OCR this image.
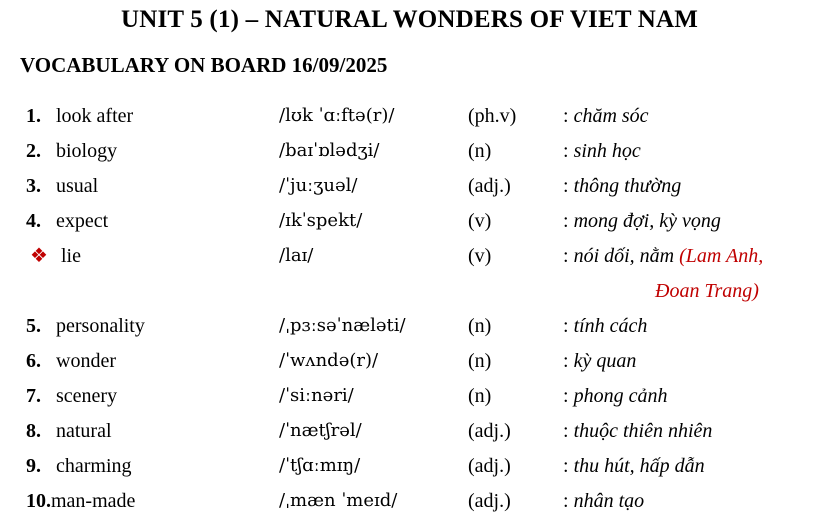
UNIT 5 (1) – NATURAL WONDERS OF VIET NAM
VOCABULARY ON BOARD 16/09/2025
1. look after	/lʊk ˈɑːftə(r)/	(ph.v) : chăm sóc
2. biology	/baɪˈɒlədʒi/	(n)	: sinh học
3. usual	/ˈjuːʒuəl/	(adj.)	: thông thường
4. expect	/ɪkˈspekt/	(v)	: mong đợi, kỳ vọng
❖ lie	/laɪ/	(v)	: nói dối, nằm (Lam Anh,
Đoan Trang)
5. personality	/ˌpɜːsəˈnæləti/	(n)	: tính cách
6. wonder	/ˈwʌndə(r)/	(n)	: kỳ quan
7. scenery	/ˈsiːnəri/	(n)	: phong cảnh
8. natural	/ˈnætʃrəl/	(adj.)	: thuộc thiên nhiên
9. charming	/ˈtʃɑːmɪŋ/	(adj.)	: thu hút, hấp dẫn
10. man-made	/ˌmæn ˈmeɪd/	(adj.)	: nhân tạo
